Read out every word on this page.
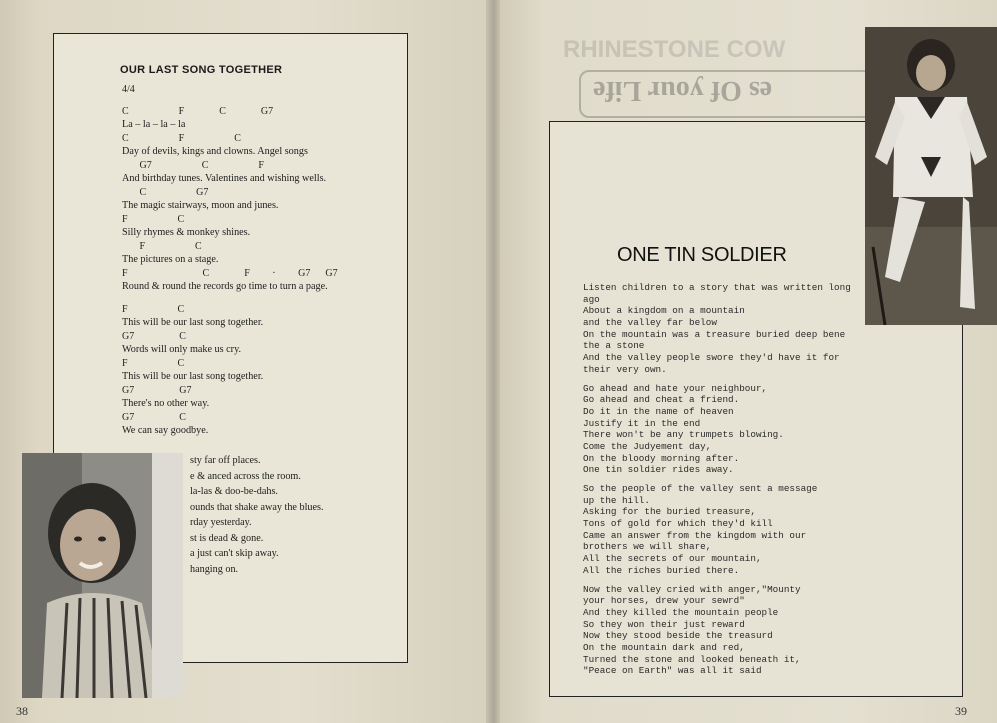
OUR LAST SONG TOGETHER
4/4
C                    F              C              G7
La – la – la – la
C                    F                    C
Day of devils, kings and clowns. Angel songs
G7                    C                    F
And birthday tunes. Valentines and wishing wells.
C                    G7
The magic stairways, moon and junes.
F                    C
Silly rhymes & monkey shines.
F                    C
The pictures on a stage.
F                              C              F         ·         G7      G7
Round & round the records go time to turn a page.
F                    C
This will be our last song together.
G7                  C
Words will only make us cry.
F                    C
This will be our last song together.
G7                  G7
There's no other way.
G7                  C
We can say goodbye.
sty far off places.
e & anced across the room.
la-las & doo-be-dahs.
ounds that shake away the blues.
rday yesterday.
st is dead & gone.
a just can't skip away.
hanging on.
38
RHINESTONE COW
es Of your Life
ONE TIN SOLDIER
Listen children to a story that was written long
ago
About a kingdom on a mountain
and the valley far below
On the mountain was a treasure buried deep bene
the a stone
And the valley people swore they'd have it for
their very own.
Go ahead and hate your neighbour,
Go ahead and cheat a friend.
Do it in the name of heaven
Justify it in the end
There won't be any trumpets blowing.
Come the Judyement day,
On the bloody morning after.
One tin soldier rides away.
So the people of the valley sent a message
up the hill.
Asking for the buried treasure,
Tons of gold for which they'd kill
Came an answer from the kingdom with our
brothers we will share,
All the secrets of our mountain,
All the riches buried there.
Now the valley cried with anger,"Mounty
your horses, drew your sewrd"
And they killed the mountain people
So they won their just reward
Now they stood beside the treasurd
On the mountain dark and red,
Turned the stone and looked beneath it,
"Peace on Earth" was all it said
39
